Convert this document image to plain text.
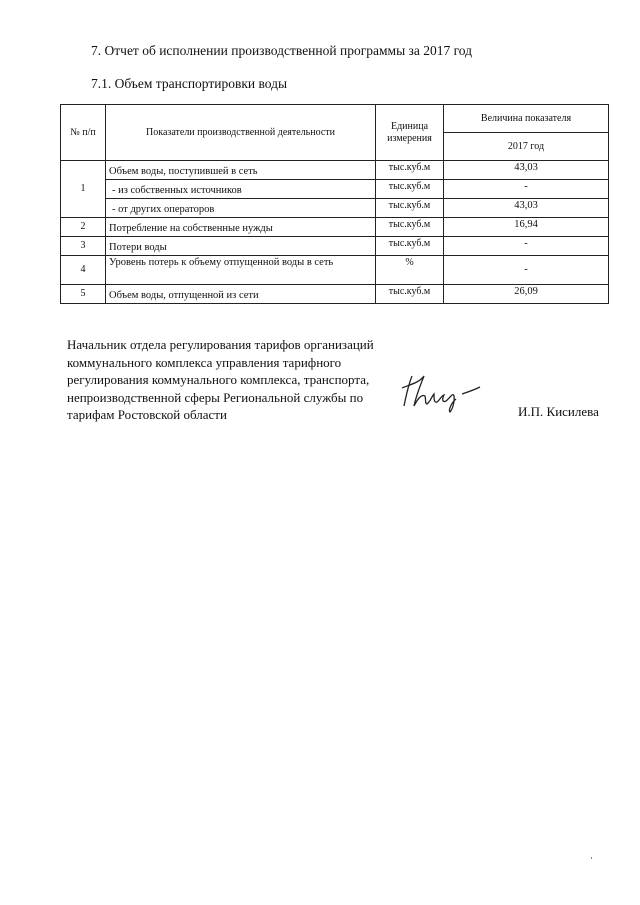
7. Отчет об исполнении производственной программы за 2017 год
7.1. Объем транспортировки воды
№ п/п	Показатели производственной деятельности	Единица измерения	Величина показателя
			2017 год
1	Объем воды, поступившей в сеть	тыс.куб.м	43,03
	- из собственных источников	тыс.куб.м	-
	- от других операторов	тыс.куб.м	43,03
2	Потребление на собственные нужды	тыс.куб.м	16,94
3	Потери воды	тыс.куб.м	-
4	Уровень потерь к объему отпущенной воды в сеть	%	-
5	Объем воды, отпущенной из сети	тыс.куб.м	26,09
Начальник отдела регулирования тарифов организаций
коммунального комплекса управления тарифного
регулирования коммунального комплекса, транспорта,
непроизводственной сферы Региональной службы по
тарифам Ростовской области	И.П. Кисилева
